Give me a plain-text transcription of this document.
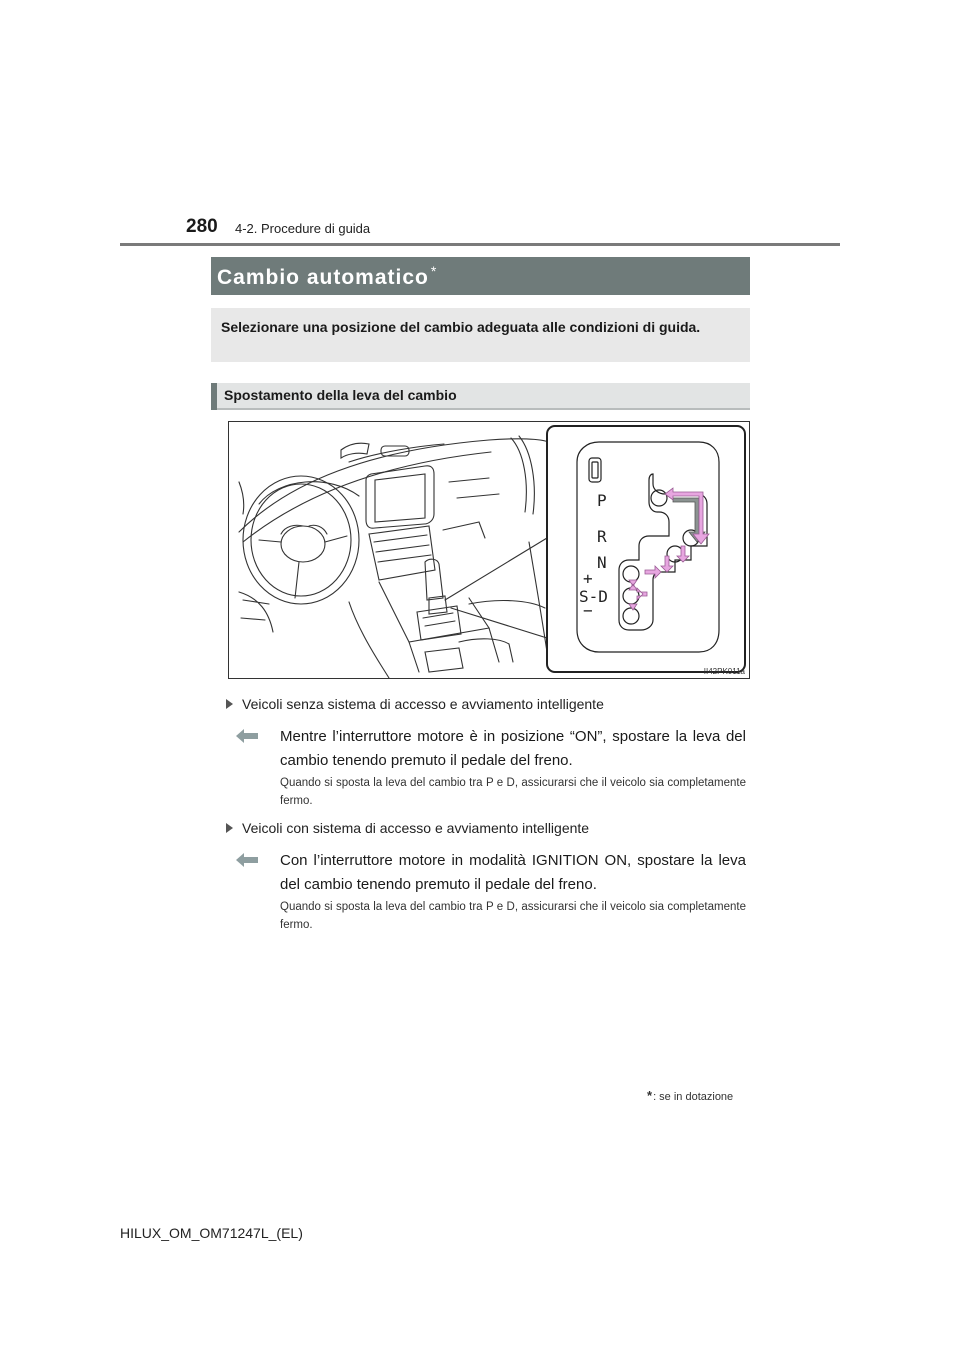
280 4-2. Procedure di guida
Cambio automatico *
Selezionare una posizione del cambio adeguata alle condizioni di guida.
Spostamento della leva del cambio
P
R
N
+
S-D
−
II42PK011a
Veicoli senza sistema di accesso e avviamento intelligente
Mentre l’interruttore motore è in posizione “ON”, spostare la leva del cambio tenendo premuto il pedale del freno.
Quando si sposta la leva del cambio tra P e D, assicurarsi che il veicolo sia completamente fermo.
Veicoli con sistema di accesso e avviamento intelligente
Con l’interruttore motore in modalità IGNITION ON, spostare la leva del cambio tenendo premuto il pedale del freno.
Quando si sposta la leva del cambio tra P e D, assicurarsi che il veicolo sia completamente fermo.
*: se in dotazione
HILUX_OM_OM71247L_(EL)
